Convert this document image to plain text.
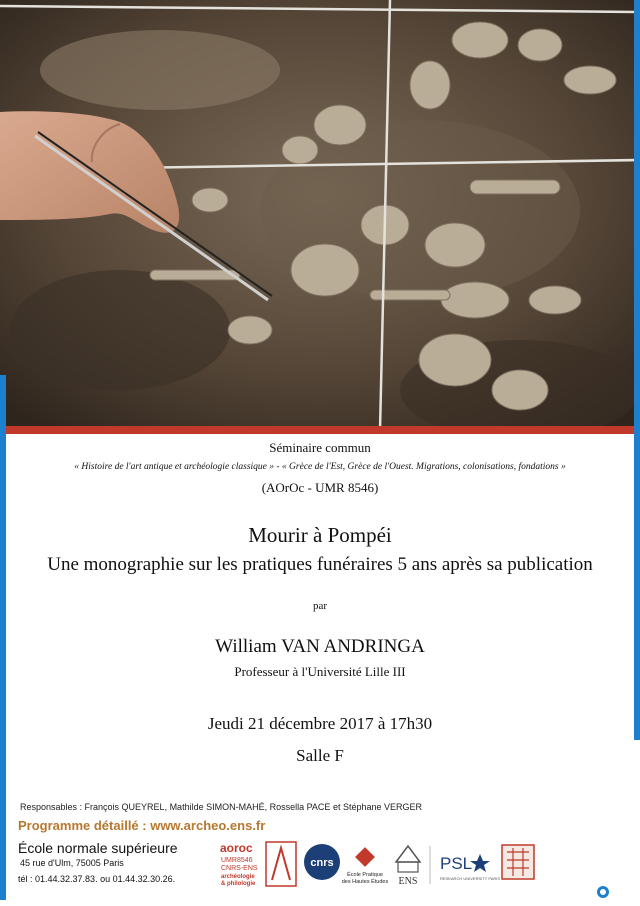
Séminaire commun
« Histoire de l'art antique et archéologie classique » - « Grèce de l'Est, Grèce de l'Ouest. Migrations, colonisations, fondations »
(AOrOc - UMR 8546)
Mourir à Pompéi
Une monographie sur les pratiques funéraires 5 ans après sa publication
par
William VAN ANDRINGA
Professeur à l'Université Lille III
Jeudi 21 décembre 2017 à 17h30
Salle F
Responsables : François QUEYREL, Mathilde SIMON-MAHÉ, Rossella PACE et Stéphane VERGER
Programme détaillé : www.archeo.ens.fr
École normale supérieure
45 rue d'Ulm, 75005 Paris
tél : 01.44.32.37.83. ou 01.44.32.30.26.
aoroc
UMR8546
CNRS-ENS
archéologie
& philologie
cnrs
École Pratique
des Hautes Études ENS
PSL
RESEARCH UNIVERSITY PARIS
